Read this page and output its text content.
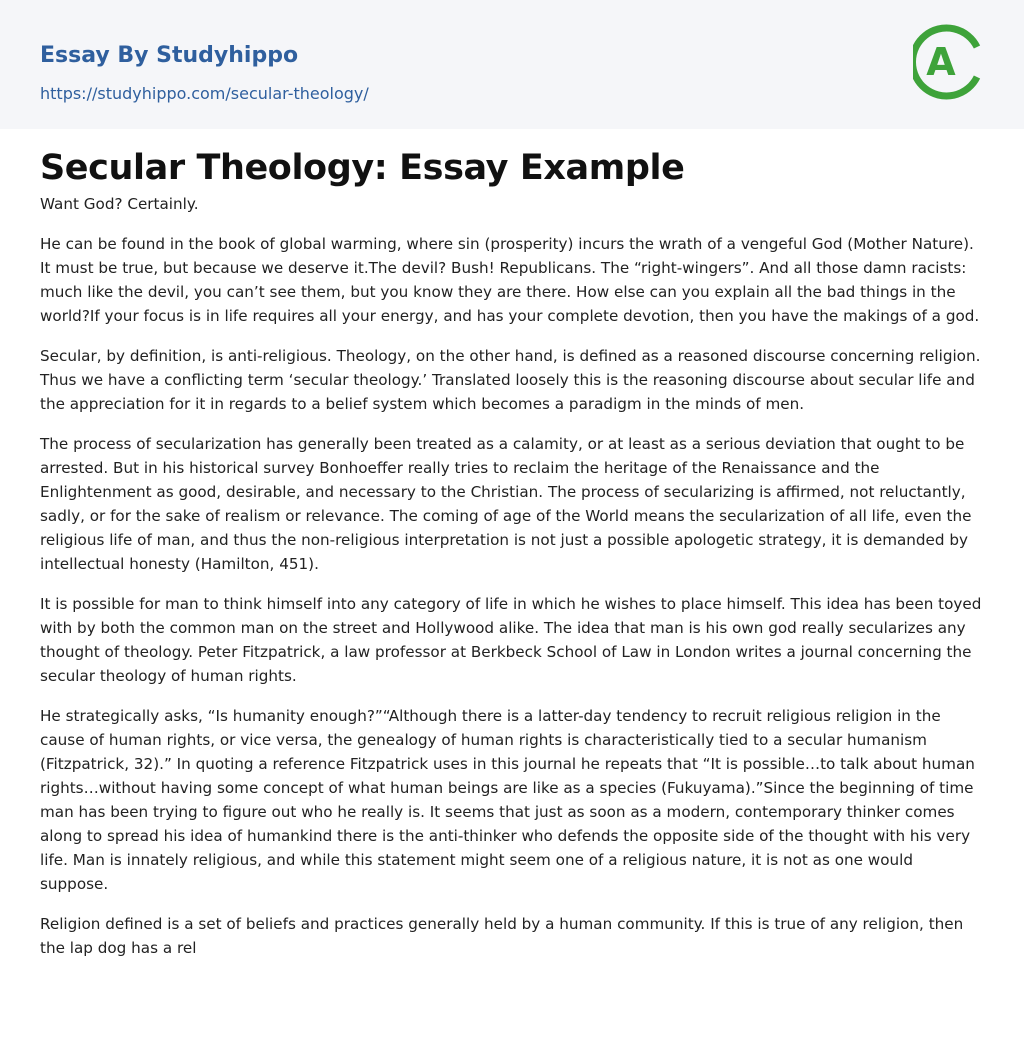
Essay By Studyhippo
https://studyhippo.com/secular-theology/
A
Secular Theology: Essay Example

Want God? Certainly.

He can be found in the book of global warming, where sin (prosperity) incurs the wrath of a vengeful God (Mother Nature). It must be true, but because we deserve it.The devil? Bush! Republicans. The “right-wingers”. And all those damn racists: much like the devil, you can’t see them, but you know they are there. How else can you explain all the bad things in the world?If your focus is in life requires all your energy, and has your complete devotion, then you have the makings of a god.

Secular, by definition, is anti-religious. Theology, on the other hand, is defined as a reasoned discourse concerning religion. Thus we have a conflicting term ‘secular theology.’ Translated loosely this is the reasoning discourse about secular life and the appreciation for it in regards to a belief system which becomes a paradigm in the minds of men.

The process of secularization has generally been treated as a calamity, or at least as a serious deviation that ought to be arrested. But in his historical survey Bonhoeffer really tries to reclaim the heritage of the Renaissance and the Enlightenment as good, desirable, and necessary to the Christian. The process of secularizing is affirmed, not reluctantly, sadly, or for the sake of realism or relevance. The coming of age of the World means the secularization of all life, even the religious life of man, and thus the non-religious interpretation is not just a possible apologetic strategy, it is demanded by intellectual honesty (Hamilton, 451).

It is possible for man to think himself into any category of life in which he wishes to place himself. This idea has been toyed with by both the common man on the street and Hollywood alike. The idea that man is his own god really secularizes any thought of theology. Peter Fitzpatrick, a law professor at Berkbeck School of Law in London writes a journal concerning the secular theology of human rights.

He strategically asks, “Is humanity enough?”“Although there is a latter-day tendency to recruit religious religion in the cause of human rights, or vice versa, the genealogy of human rights is characteristically tied to a secular humanism (Fitzpatrick, 32).” In quoting a reference Fitzpatrick uses in this journal he repeats that “It is possible…to talk about human rights…without having some concept of what human beings are like as a species (Fukuyama).”Since the beginning of time man has been trying to figure out who he really is. It seems that just as soon as a modern, contemporary thinker comes along to spread his idea of humankind there is the anti-thinker who defends the opposite side of the thought with his very life. Man is innately religious, and while this statement might seem one of a religious nature, it is not as one would suppose.

Religion defined is a set of beliefs and practices generally held by a human community. If this is true of any religion, then the lap dog has a rel
